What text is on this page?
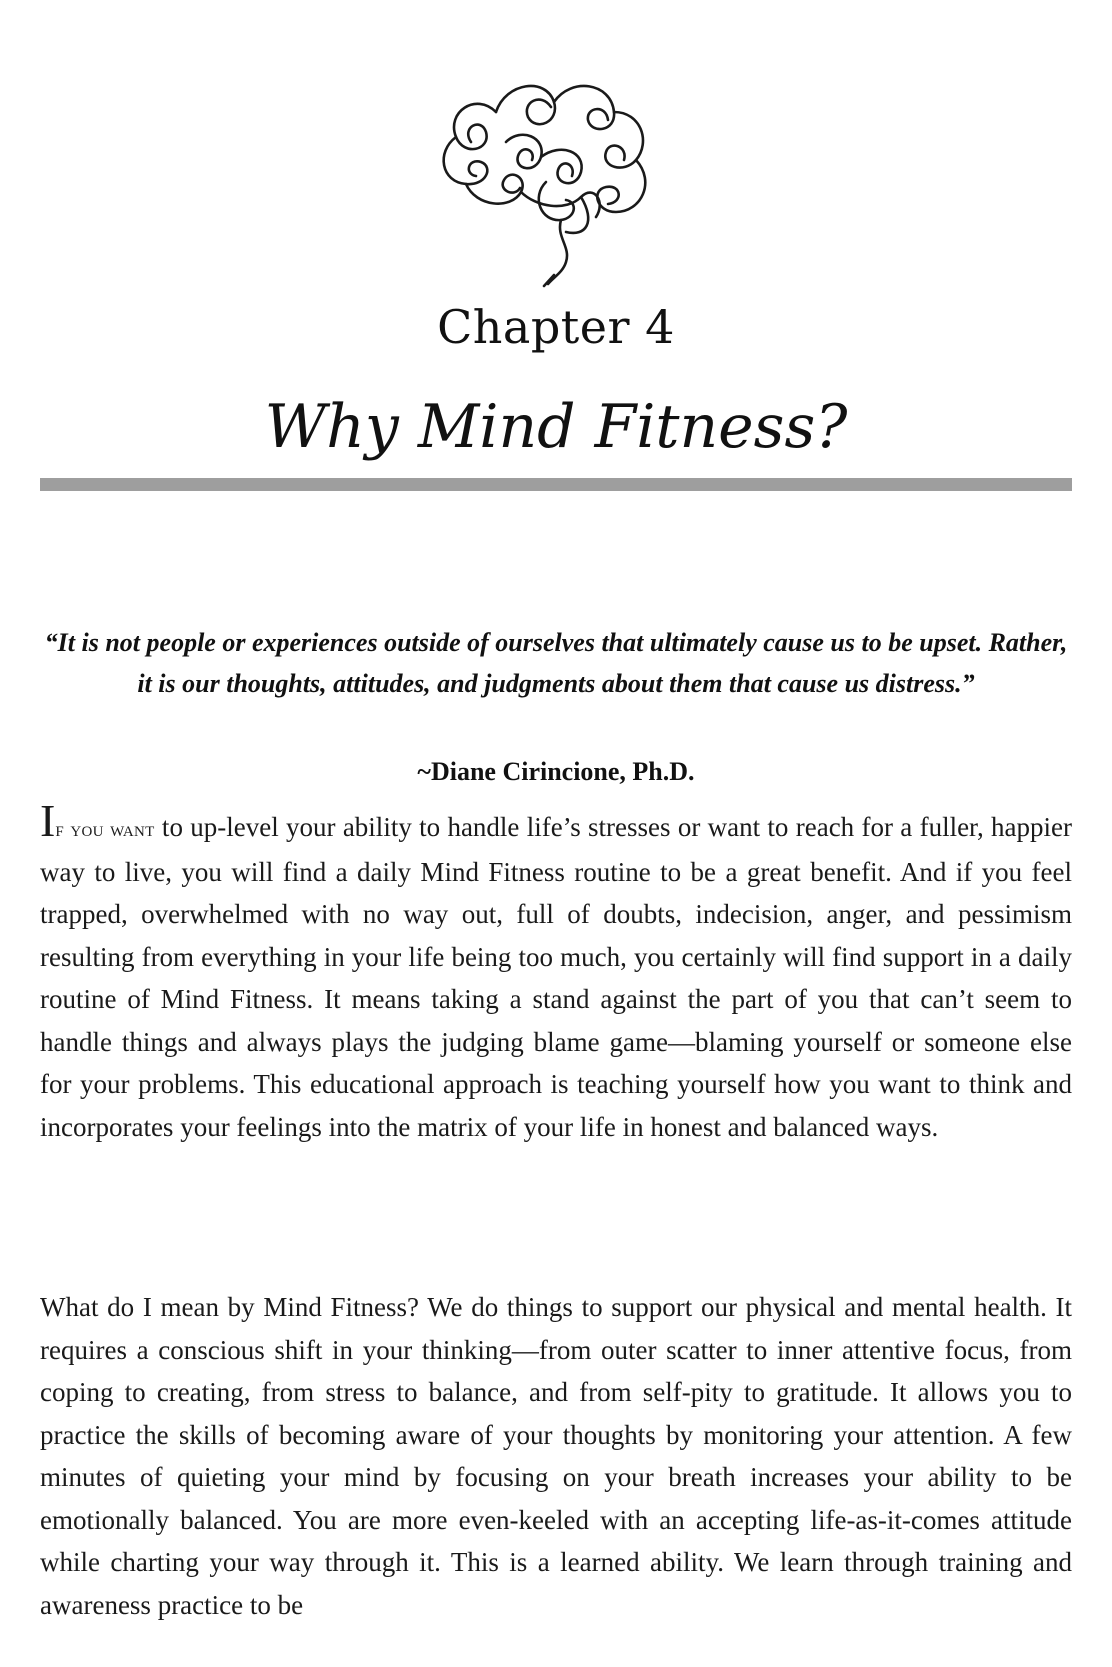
Chapter 4
Why Mind Fitness?
“It is not people or experiences outside of ourselves that ultimately cause us to be upset. Rather, it is our thoughts, attitudes, and judgments about them that cause us distress.”
~Diane Cirincione, Ph.D.

If you want to up-level your ability to handle life’s stresses or want to reach for a fuller, happier way to live, you will find a daily Mind Fitness routine to be a great benefit. And if you feel trapped, overwhelmed with no way out, full of doubts, indecision, anger, and pessimism resulting from everything in your life being too much, you certainly will find support in a daily routine of Mind Fitness. It means taking a stand against the part of you that can’t seem to handle things and always plays the judging blame game—blaming yourself or someone else for your problems. This educational approach is teaching yourself how you want to think and incorporates your feelings into the matrix of your life in honest and balanced ways.

What do I mean by Mind Fitness? We do things to support our physical and mental health. It requires a conscious shift in your thinking—from outer scatter to inner attentive focus, from coping to creating, from stress to balance, and from self-pity to gratitude. It allows you to practice the skills of becoming aware of your thoughts by monitoring your attention. A few minutes of quieting your mind by focusing on your breath increases your ability to be emotionally balanced. You are more even-keeled with an accepting life-as-it-comes attitude while charting your way through it. This is a learned ability. We learn through training and awareness practice to be
